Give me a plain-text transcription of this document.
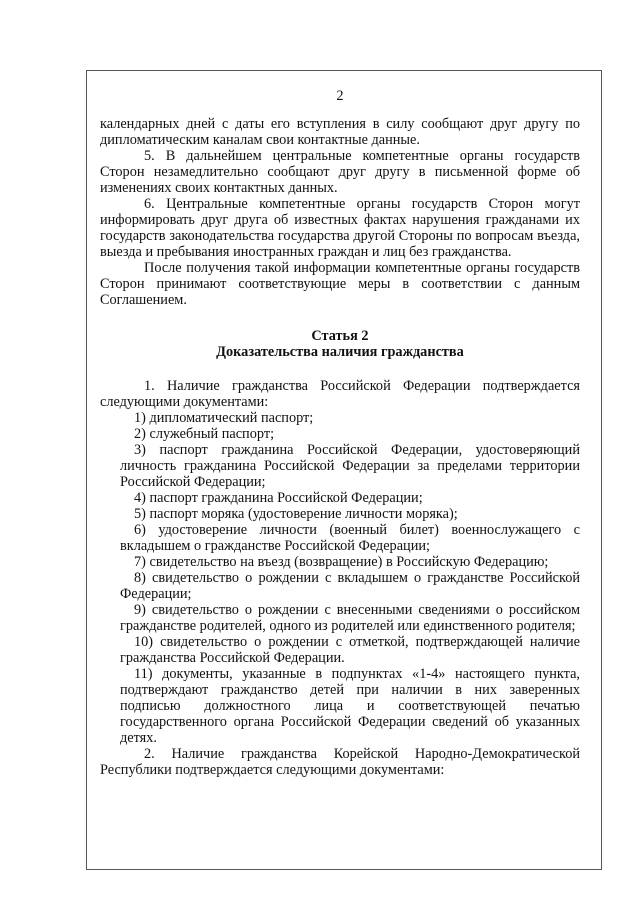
2

календарных дней с даты его вступления в силу сообщают друг другу по дипломатическим каналам свои контактные данные.

5. В дальнейшем центральные компетентные органы государств Сторон незамедлительно сообщают друг другу в письменной форме об изменениях своих контактных данных.

6. Центральные компетентные органы государств Сторон могут информировать друг друга об известных фактах нарушения гражданами их государств законодательства государства другой Стороны по вопросам въезда, выезда и пребывания иностранных граждан и лиц без гражданства.

После получения такой информации компетентные органы государств Сторон принимают соответствующие меры в соответствии с данным Соглашением.

Статья 2

Доказательства наличия гражданства

1. Наличие гражданства Российской Федерации подтверждается следующими документами:

1) дипломатический паспорт;

2) служебный паспорт;

3) паспорт гражданина Российской Федерации, удостоверяющий личность гражданина Российской Федерации за пределами территории Российской Федерации;

4) паспорт гражданина Российской Федерации;

5) паспорт моряка (удостоверение личности моряка);

6) удостоверение личности (военный билет) военнослужащего с вкладышем о гражданстве Российской Федерации;

7) свидетельство на въезд (возвращение) в Российскую Федерацию;

8) свидетельство о рождении с вкладышем о гражданстве Российской Федерации;

9) свидетельство о рождении с внесенными сведениями о российском гражданстве родителей, одного из родителей или единственного родителя;

10) свидетельство о рождении с отметкой, подтверждающей наличие гражданства Российской Федерации.

11) документы, указанные в подпунктах «1-4» настоящего пункта, подтверждают гражданство детей при наличии в них заверенных подписью должностного лица и соответствующей печатью государственного органа Российской Федерации сведений об указанных детях.

2. Наличие гражданства Корейской Народно-Демократической Республики подтверждается следующими документами:
